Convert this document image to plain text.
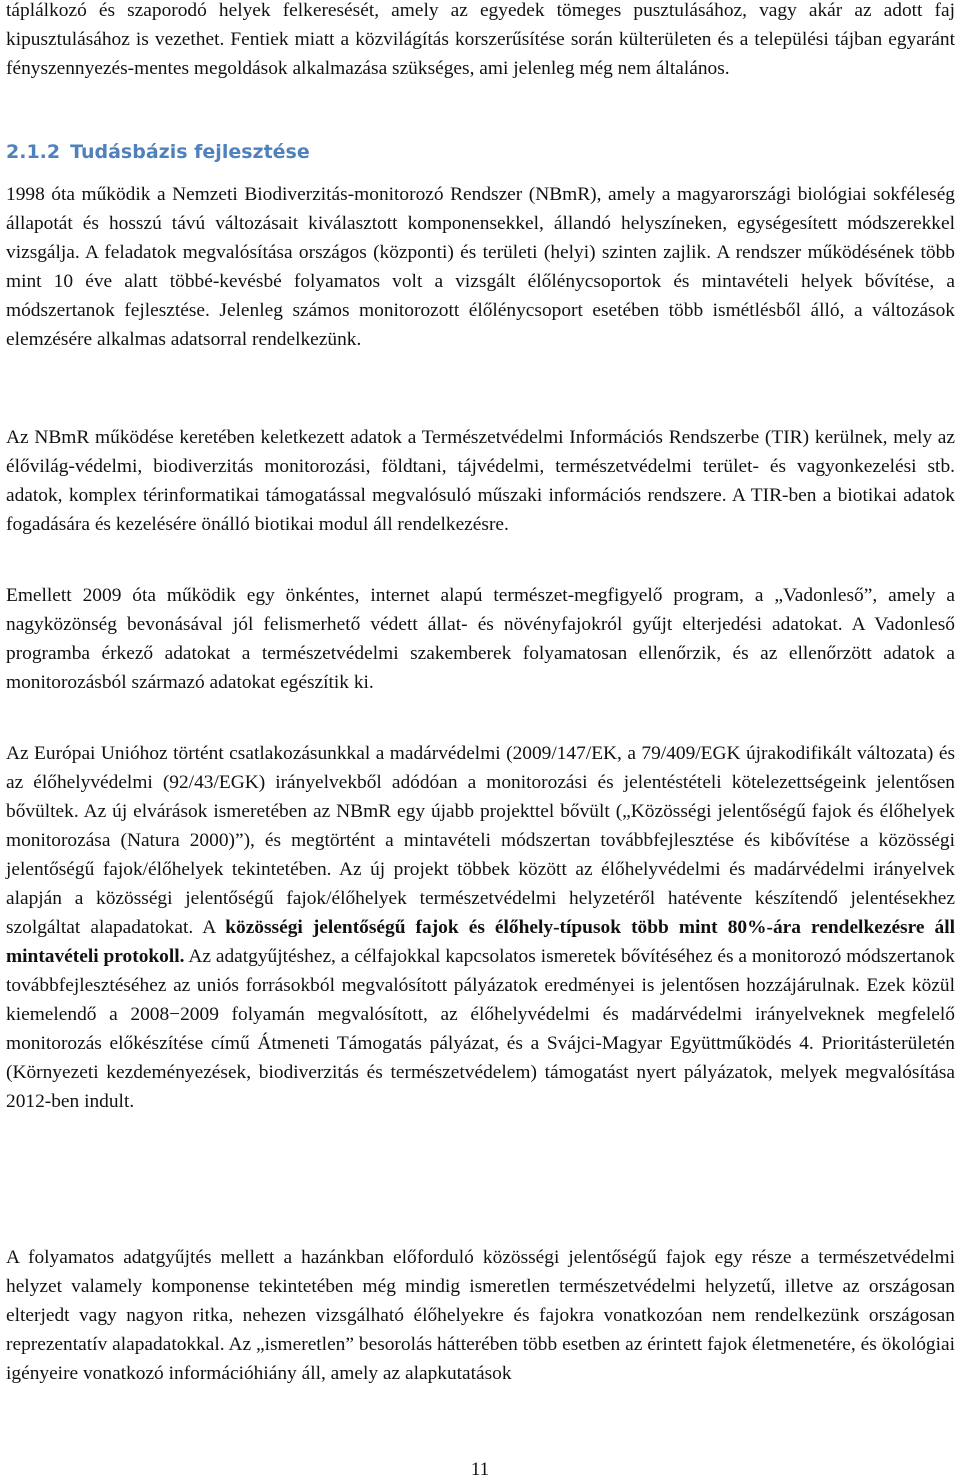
táplálkozó és szaporodó helyek felkeresését, amely az egyedek tömeges pusztulásához, vagy akár az adott faj kipusztulásához is vezethet. Fentiek miatt a közvilágítás korszerűsítése során külterületen és a települési tájban egyaránt fényszennyezés-mentes megoldások alkalmazása szükséges, ami jelenleg még nem általános.

2.1.2 Tudásbázis fejlesztése

1998 óta működik a Nemzeti Biodiverzitás-monitorozó Rendszer (NBmR), amely a magyarországi biológiai sokféleség állapotát és hosszú távú változásait kiválasztott komponensekkel, állandó helyszíneken, egységesített módszerekkel vizsgálja. A feladatok megvalósítása országos (központi) és területi (helyi) szinten zajlik. A rendszer működésének több mint 10 éve alatt többé-kevésbé folyamatos volt a vizsgált élőlénycsoportok és mintavételi helyek bővítése, a módszertanok fejlesztése. Jelenleg számos monitorozott élőlénycsoport esetében több ismétlésből álló, a változások elemzésére alkalmas adatsorral rendelkezünk.

Az NBmR működése keretében keletkezett adatok a Természetvédelmi Információs Rendszerbe (TIR) kerülnek, mely az élővilág-védelmi, biodiverzitás monitorozási, földtani, tájvédelmi, természetvédelmi terület- és vagyonkezelési stb. adatok, komplex térinformatikai támogatással megvalósuló műszaki információs rendszere. A TIR-ben a biotikai adatok fogadására és kezelésére önálló biotikai modul áll rendelkezésre.

Emellett 2009 óta működik egy önkéntes, internet alapú természet-megfigyelő program, a „Vadonleső”, amely a nagyközönség bevonásával jól felismerhető védett állat- és növényfajokról gyűjt elterjedési adatokat. A Vadonleső programba érkező adatokat a természetvédelmi szakemberek folyamatosan ellenőrzik, és az ellenőrzött adatok a monitorozásból származó adatokat egészítik ki.

Az Európai Unióhoz történt csatlakozásunkkal a madárvédelmi (2009/147/EK, a 79/409/EGK újrakodifikált változata) és az élőhelyvédelmi (92/43/EGK) irányelvekből adódóan a monitorozási és jelentéstételi kötelezettségeink jelentősen bővültek. Az új elvárások ismeretében az NBmR egy újabb projekttel bővült („Közösségi jelentőségű fajok és élőhelyek monitorozása (Natura 2000)”), és megtörtént a mintavételi módszertan továbbfejlesztése és kibővítése a közösségi jelentőségű fajok/élőhelyek tekintetében. Az új projekt többek között az élőhelyvédelmi és madárvédelmi irányelvek alapján a közösségi jelentőségű fajok/élőhelyek természetvédelmi helyzetéről hatévente készítendő jelentésekhez szolgáltat alapadatokat. A közösségi jelentőségű fajok és élőhely-típusok több mint 80%-ára rendelkezésre áll mintavételi protokoll. Az adatgyűjtéshez, a célfajokkal kapcsolatos ismeretek bővítéséhez és a monitorozó módszertanok továbbfejlesztéséhez az uniós forrásokból megvalósított pályázatok eredményei is jelentősen hozzájárulnak. Ezek közül kiemelendő a 2008−2009 folyamán megvalósított, az élőhelyvédelmi és madárvédelmi irányelveknek megfelelő monitorozás előkészítése című Átmeneti Támogatás pályázat, és a Svájci-Magyar Együttműködés 4. Prioritásterületén (Környezeti kezdeményezések, biodiverzitás és természetvédelem) támogatást nyert pályázatok, melyek megvalósítása 2012-ben indult.

A folyamatos adatgyűjtés mellett a hazánkban előforduló közösségi jelentőségű fajok egy része a természetvédelmi helyzet valamely komponense tekintetében még mindig ismeretlen természetvédelmi helyzetű, illetve az országosan elterjedt vagy nagyon ritka, nehezen vizsgálható élőhelyekre és fajokra vonatkozóan nem rendelkezünk országosan reprezentatív alapadatokkal. Az „ismeretlen” besorolás hátterében több esetben az érintett fajok életmenetére, és ökológiai igényeire vonatkozó információhiány áll, amely az alapkutatások

11
